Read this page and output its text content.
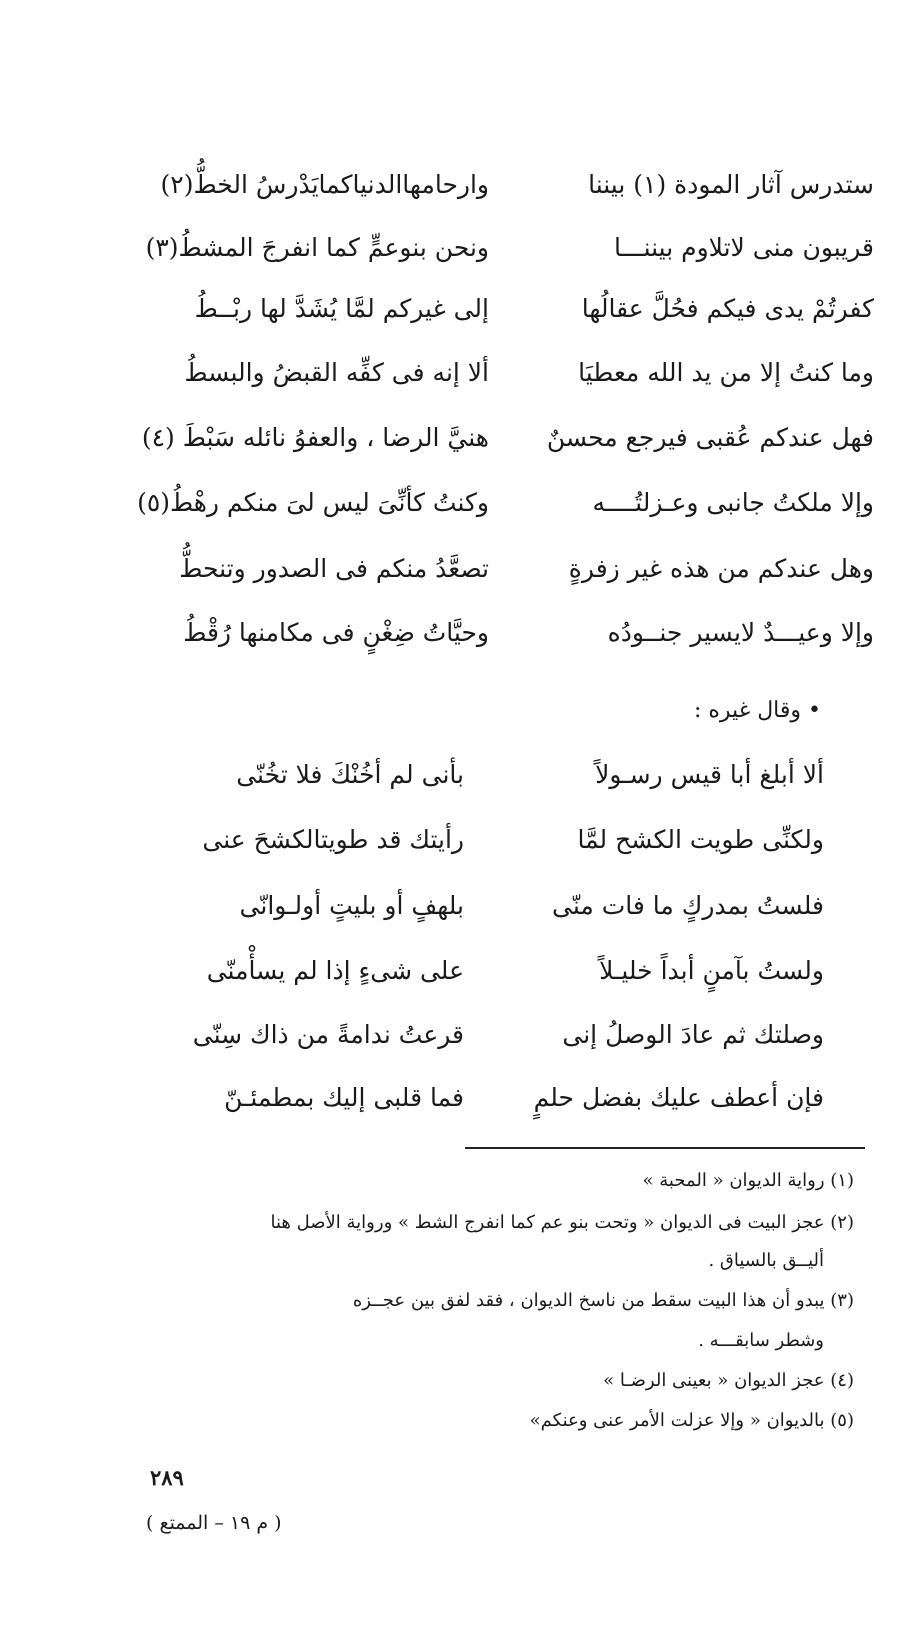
ستدرس آثار المودة (١) بيننا
وارحامهاالدنياكمايَدْرسُ الخطُّ(٢)
قريبون منى لاتلاوم بيننـــا
ونحن بنوعمٍّ كما انفرجَ المشطُ(٣)
كفرتُمْ يدى فيكم فحُلَّ عقالُها
إلى غيركم لمَّا يُشَدَّ لها ربْــطُ
وما كنتُ إلا من يد الله معطيَا
ألا إنه فى كفِّه القبضُ والبسطُ
فهل عندكم عُقبى فيرجع محسنٌ
هنيَّ الرضا ، والعفوُ نائله سَبْطَ (٤)
وإلا ملكتُ جانبى وعـزلتُــــه
وكنتُ كأنِّىَ ليس لىَ منكم رهْطُ(٥)
وهل عندكم من هذه غير زفرةٍ
تصعَّدُ منكم فى الصدور وتنحطُّ
وإلا وعيـــدٌ لايسير جنــودُه
وحيَّاتُ ضِغْنٍ فى مكامنها رُقْطُ
• وقال غيره :
ألا أبلغ أبا قيس رسـولاً
بأنى لم أخُنْكَ فلا تخُنّى
ولكنِّى طويت الكشح لمَّا
رأيتك قد طويتالكشحَ عنى
فلستُ بمدركٍ ما فات منّى
بلهفٍ أو بليتٍ أولـوانّى
ولستُ بآمنٍ أبداً خليـلاً
على شىءٍ إذا لم يسأْمنّى
وصلتك ثم عادَ الوصلُ إنى
قرعتُ ندامةً من ذاك سِنّى
فإن أعطف عليك بفضل حلمٍ
فما قلبى إليك بمطمئـنّ
(١) رواية الديوان « المحبة »
(٢) عجز البيت فى الديوان « وتحت بنو عم كما انفرج الشط » ورواية الأصل هنا
أليــق بالسياق .
(٣) يبدو أن هذا البيت سقط من ناسخ الديوان ، فقد لفق بين عجــزه
وشطر سابقـــه .
(٤) عجز الديوان « بعينى الرضـا »
(٥) بالديوان « وإلا عزلت الأمر عنى وعنكم»
٢٨٩
( م ١٩ – الممتع )
